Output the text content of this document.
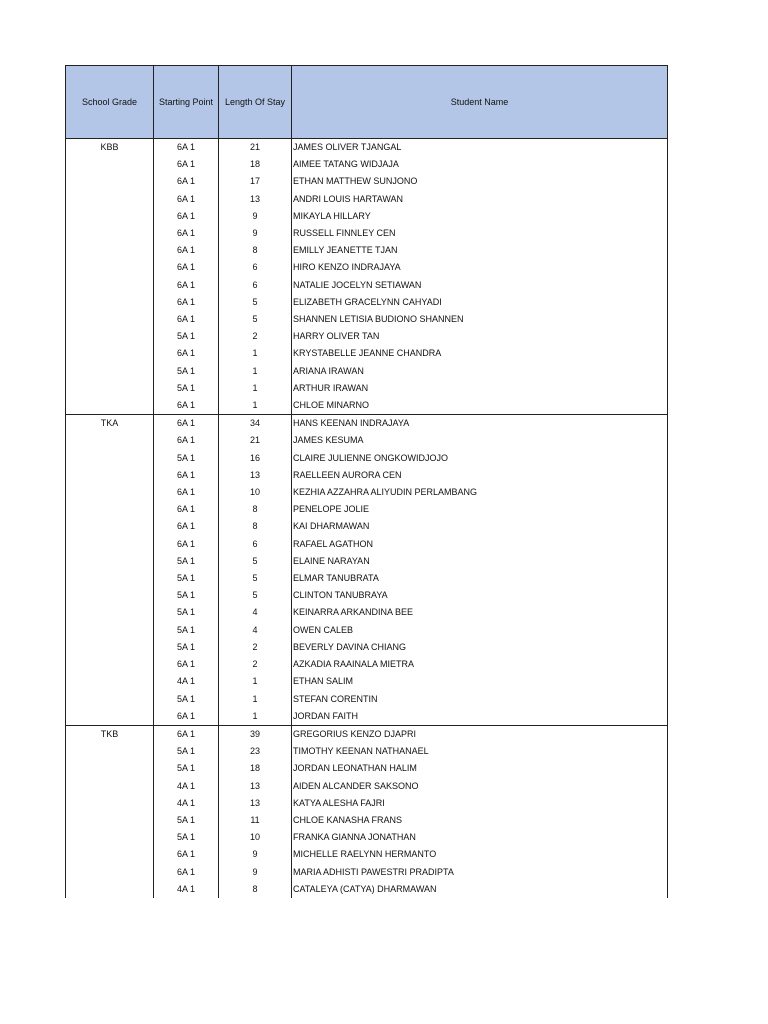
School Grade	Starting Point	Length Of Stay	Student Name
KBB	6A 1	21	JAMES OLIVER TJANGAL
	6A 1	18	AIMEE TATANG WIDJAJA
	6A 1	17	ETHAN MATTHEW SUNJONO
	6A 1	13	ANDRI LOUIS HARTAWAN
	6A 1	9	MIKAYLA HILLARY
	6A 1	9	RUSSELL FINNLEY CEN
	6A 1	8	EMILLY JEANETTE TJAN
	6A 1	6	HIRO KENZO INDRAJAYA
	6A 1	6	NATALIE JOCELYN SETIAWAN
	6A 1	5	ELIZABETH GRACELYNN CAHYADI
	6A 1	5	SHANNEN LETISIA BUDIONO SHANNEN
	5A 1	2	HARRY OLIVER TAN
	6A 1	1	KRYSTABELLE JEANNE CHANDRA
	5A 1	1	ARIANA IRAWAN
	5A 1	1	ARTHUR IRAWAN
	6A 1	1	CHLOE MINARNO
TKA	6A 1	34	HANS KEENAN INDRAJAYA
	6A 1	21	JAMES KESUMA
	5A 1	16	CLAIRE JULIENNE ONGKOWIDJOJO
	6A 1	13	RAELLEEN AURORA CEN
	6A 1	10	KEZHIA AZZAHRA ALIYUDIN PERLAMBANG
	6A 1	8	PENELOPE JOLIE
	6A 1	8	KAI DHARMAWAN
	6A 1	6	RAFAEL AGATHON
	5A 1	5	ELAINE NARAYAN
	5A 1	5	ELMAR TANUBRATA
	5A 1	5	CLINTON TANUBRAYA
	5A 1	4	KEINARRA ARKANDINA BEE
	5A 1	4	OWEN CALEB
	5A 1	2	BEVERLY DAVINA CHIANG
	6A 1	2	AZKADIA RAAINALA MIETRA
	4A 1	1	ETHAN SALIM
	5A 1	1	STEFAN CORENTIN
	6A 1	1	JORDAN FAITH
TKB	6A 1	39	GREGORIUS KENZO DJAPRI
	5A 1	23	TIMOTHY KEENAN NATHANAEL
	5A 1	18	JORDAN LEONATHAN HALIM
	4A 1	13	AIDEN ALCANDER SAKSONO
	4A 1	13	KATYA ALESHA FAJRI
	5A 1	11	CHLOE KANASHA FRANS
	5A 1	10	FRANKA GIANNA JONATHAN
	6A 1	9	MICHELLE RAELYNN HERMANTO
	6A 1	9	MARIA ADHISTI PAWESTRI PRADIPTA
	4A 1	8	CATALEYA (CATYA) DHARMAWAN
